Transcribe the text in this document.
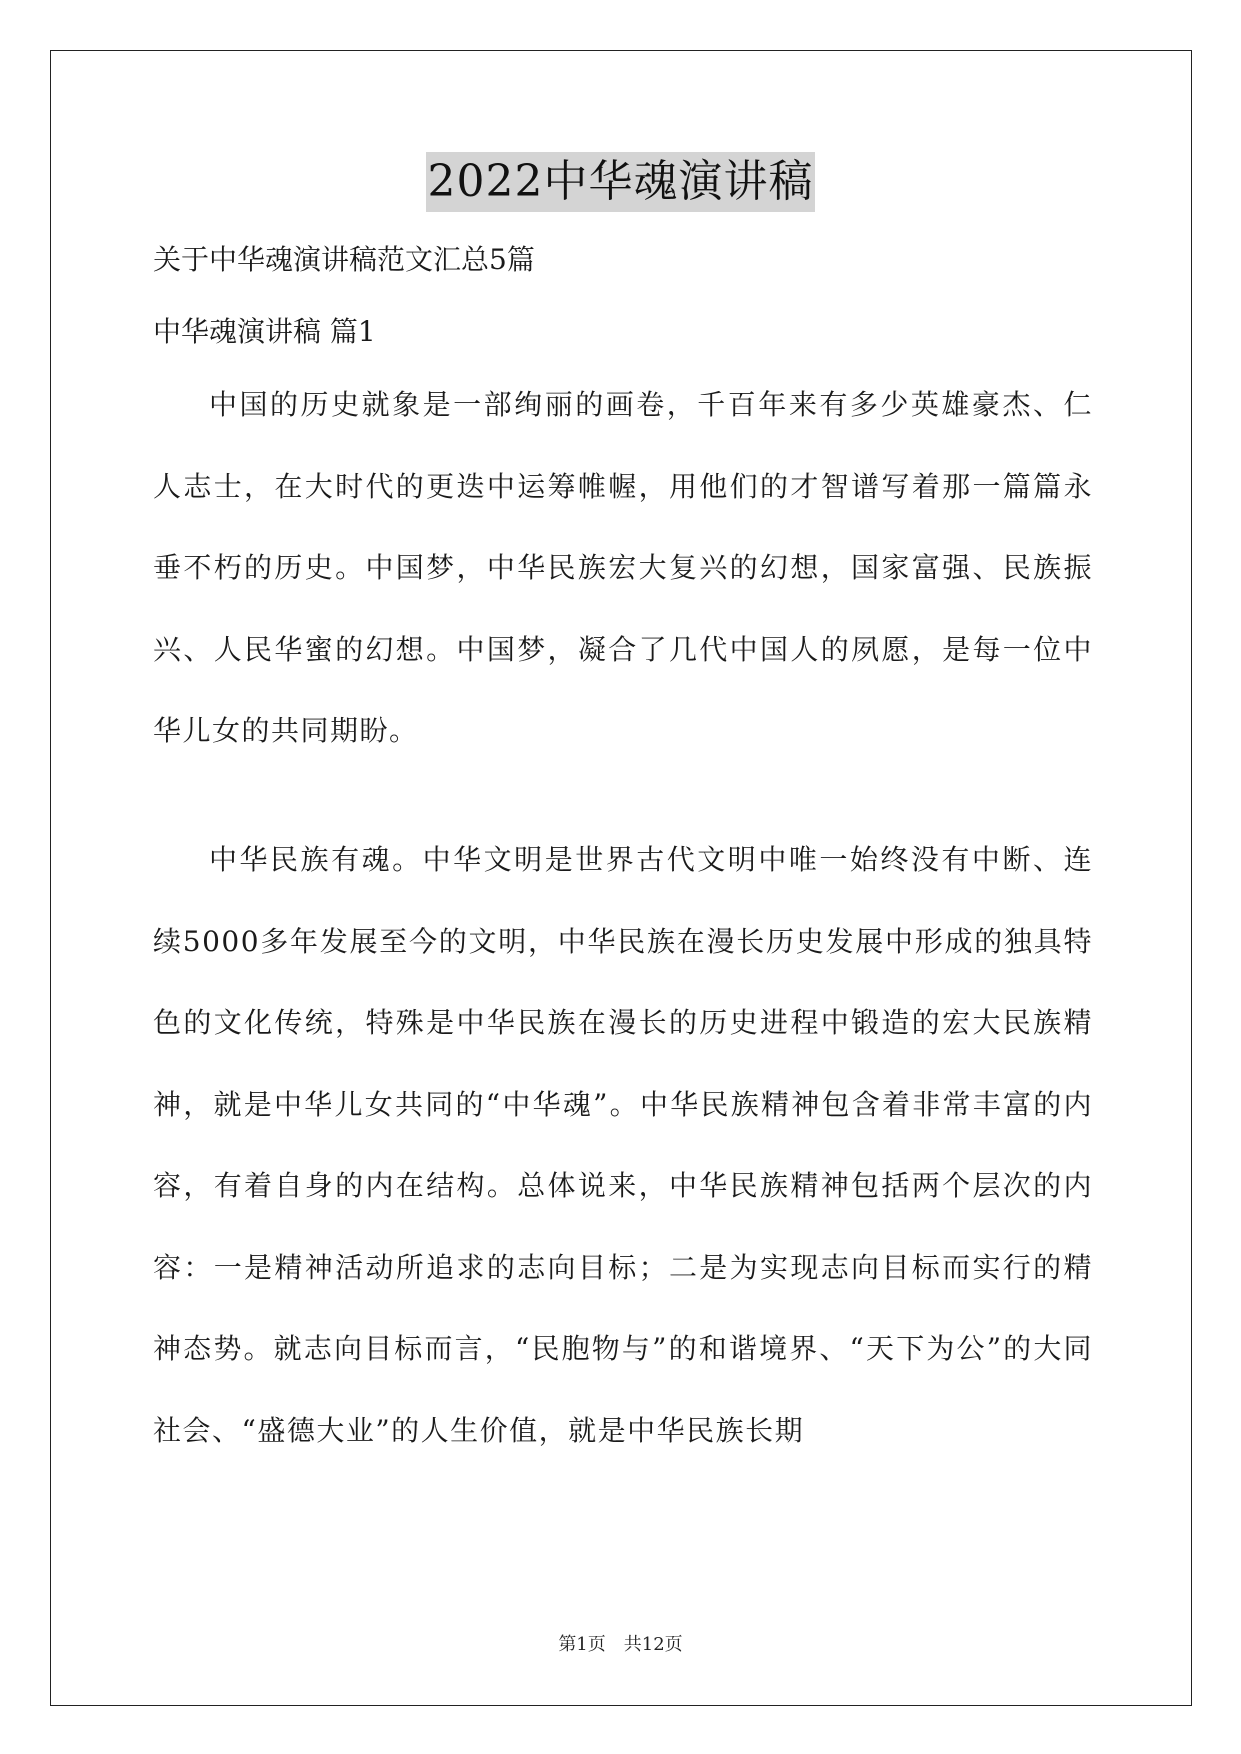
2022中华魂演讲稿
关于中华魂演讲稿范文汇总5篇
中华魂演讲稿 篇1
中国的历史就象是一部绚丽的画卷，千百年来有多少英雄豪杰、仁人志士，在大时代的更迭中运筹帷幄，用他们的才智谱写着那一篇篇永垂不朽的历史。中国梦，中华民族宏大复兴的幻想，国家富强、民族振兴、人民华蜜的幻想。中国梦，凝合了几代中国人的夙愿，是每一位中华儿女的共同期盼。
中华民族有魂。中华文明是世界古代文明中唯一始终没有中断、连续5000多年发展至今的文明，中华民族在漫长历史发展中形成的独具特色的文化传统，特殊是中华民族在漫长的历史进程中锻造的宏大民族精神，就是中华儿女共同的“中华魂”。中华民族精神包含着非常丰富的内容，有着自身的内在结构。总体说来，中华民族精神包括两个层次的内容：一是精神活动所追求的志向目标；二是为实现志向目标而实行的精神态势。就志向目标而言，“民胞物与”的和谐境界、“天下为公”的大同社会、“盛德大业”的人生价值，就是中华民族长期
第1页 共12页
